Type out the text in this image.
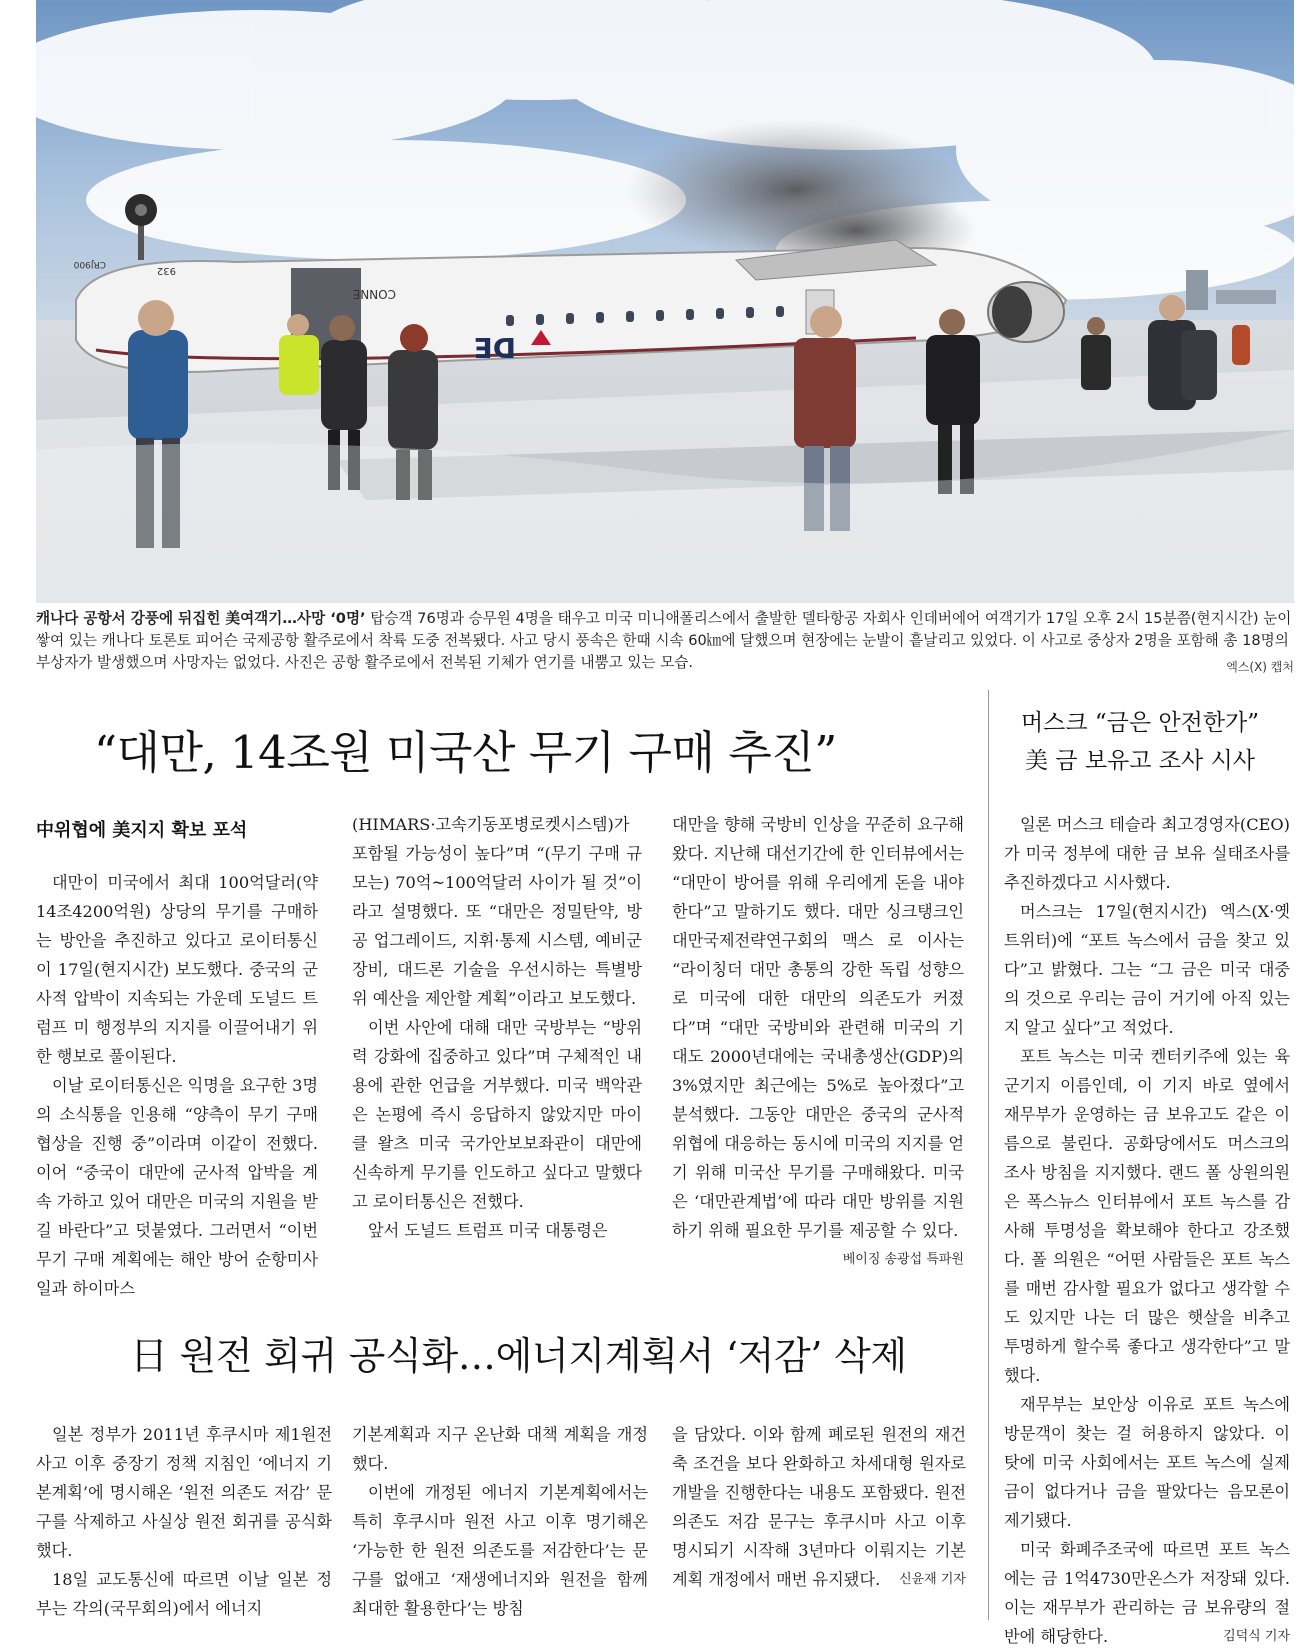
DE
CONNE
932
CRJ900
캐나다 공항서 강풍에 뒤집힌 美여객기…사망 ‘0명’ 탑승객 76명과 승무원 4명을 태우고 미국 미니애폴리스에서 출발한 델타항공 자회사 인데버에어 여객기가 17일 오후 2시 15분쯤(현지시간) 눈이 쌓여 있는 캐나다 토론토 피어슨 국제공항 활주로에서 착륙 도중 전복됐다. 사고 당시 풍속은 한때 시속 60㎞에 달했으며 현장에는 눈발이 흩날리고 있었다. 이 사고로 중상자 2명을 포함해 총 18명의 부상자가 발생했으며 사망자는 없었다. 사진은 공항 활주로에서 전복된 기체가 연기를 내뿜고 있는 모습.	엑스(X) 캡처
“대만, 14조원 미국산 무기 구매 추진”
中위협에 美지지 확보 포석

대만이 미국에서 최대 100억달러(약 14조4200억원) 상당의 무기를 구매하는 방안을 추진하고 있다고 로이터통신이 17일(현지시간) 보도했다. 중국의 군사적 압박이 지속되는 가운데 도널드 트럼프 미 행정부의 지지를 이끌어내기 위한 행보로 풀이된다.

이날 로이터통신은 익명을 요구한 3명의 소식통을 인용해 “양측이 무기 구매 협상을 진행 중”이라며 이같이 전했다. 이어 “중국이 대만에 군사적 압박을 계속 가하고 있어 대만은 미국의 지원을 받길 바란다”고 덧붙였다. 그러면서 “이번 무기 구매 계획에는 해안 방어 순항미사일과 하이마스

(HIMARS·고속기동포병로켓시스템)가 포함될 가능성이 높다”며 “(무기 구매 규모는) 70억~100억달러 사이가 될 것”이라고 설명했다. 또 “대만은 정밀탄약, 방공 업그레이드, 지휘·통제 시스템, 예비군 장비, 대드론 기술을 우선시하는 특별방위 예산을 제안할 계획”이라고 보도했다.

이번 사안에 대해 대만 국방부는 “방위력 강화에 집중하고 있다”며 구체적인 내용에 관한 언급을 거부했다. 미국 백악관은 논평에 즉시 응답하지 않았지만 마이클 왈츠 미국 국가안보보좌관이 대만에 신속하게 무기를 인도하고 싶다고 말했다고 로이터통신은 전했다.

앞서 도널드 트럼프 미국 대통령은

대만을 향해 국방비 인상을 꾸준히 요구해왔다. 지난해 대선기간에 한 인터뷰에서는 “대만이 방어를 위해 우리에게 돈을 내야 한다”고 말하기도 했다. 대만 싱크탱크인 대만국제전략연구회의 맥스 로 이사는 “라이칭더 대만 총통의 강한 독립 성향으로 미국에 대한 대만의 의존도가 커졌다”며 “대만 국방비와 관련해 미국의 기대도 2000년대에는 국내총생산(GDP)의 3%였지만 최근에는 5%로 높아졌다”고 분석했다. 그동안 대만은 중국의 군사적 위협에 대응하는 동시에 미국의 지지를 얻기 위해 미국산 무기를 구매해왔다. 미국은 ‘대만관계법’에 따라 대만 방위를 지원하기 위해 필요한 무기를 제공할 수 있다.
베이징 송광섭 특파원

머스크 “금은 안전한가”
美 금 보유고 조사 시사

일론 머스크 테슬라 최고경영자(CEO)가 미국 정부에 대한 금 보유 실태조사를 추진하겠다고 시사했다.

머스크는 17일(현지시간) 엑스(X·옛 트위터)에 “포트 녹스에서 금을 찾고 있다”고 밝혔다. 그는 “그 금은 미국 대중의 것으로 우리는 금이 거기에 아직 있는지 알고 싶다”고 적었다.

포트 녹스는 미국 켄터키주에 있는 육군기지 이름인데, 이 기지 바로 옆에서 재무부가 운영하는 금 보유고도 같은 이름으로 불린다. 공화당에서도 머스크의 조사 방침을 지지했다. 랜드 폴 상원의원은 폭스뉴스 인터뷰에서 포트 녹스를 감사해 투명성을 확보해야 한다고 강조했다. 폴 의원은 “어떤 사람들은 포트 녹스를 매번 감사할 필요가 없다고 생각할 수도 있지만 나는 더 많은 햇살을 비추고 투명하게 할수록 좋다고 생각한다”고 말했다.

재무부는 보안상 이유로 포트 녹스에 방문객이 찾는 걸 허용하지 않았다. 이 탓에 미국 사회에서는 포트 녹스에 실제 금이 없다거나 금을 팔았다는 음모론이 제기됐다.

미국 화폐주조국에 따르면 포트 녹스에는 금 1억4730만온스가 저장돼 있다. 이는 재무부가 관리하는 금 보유량의 절반에 해당한다.	김덕식 기자

日 원전 회귀 공식화…에너지계획서 ‘저감’ 삭제

일본 정부가 2011년 후쿠시마 제1원전 사고 이후 중장기 정책 지침인 ‘에너지 기본계획’에 명시해온 ‘원전 의존도 저감’ 문구를 삭제하고 사실상 원전 회귀를 공식화했다.

18일 교도통신에 따르면 이날 일본 정부는 각의(국무회의)에서 에너지

기본계획과 지구 온난화 대책 계획을 개정했다.

이번에 개정된 에너지 기본계획에서는 특히 후쿠시마 원전 사고 이후 명기해온 ‘가능한 한 원전 의존도를 저감한다’는 문구를 없애고 ‘재생에너지와 원전을 함께 최대한 활용한다’는 방침

을 담았다. 이와 함께 폐로된 원전의 재건축 조건을 보다 완화하고 차세대형 원자로 개발을 진행한다는 내용도 포함됐다. 원전 의존도 저감 문구는 후쿠시마 사고 이후 명시되기 시작해 3년마다 이뤄지는 기본계획 개정에서 매번 유지됐다. 신윤재 기자
